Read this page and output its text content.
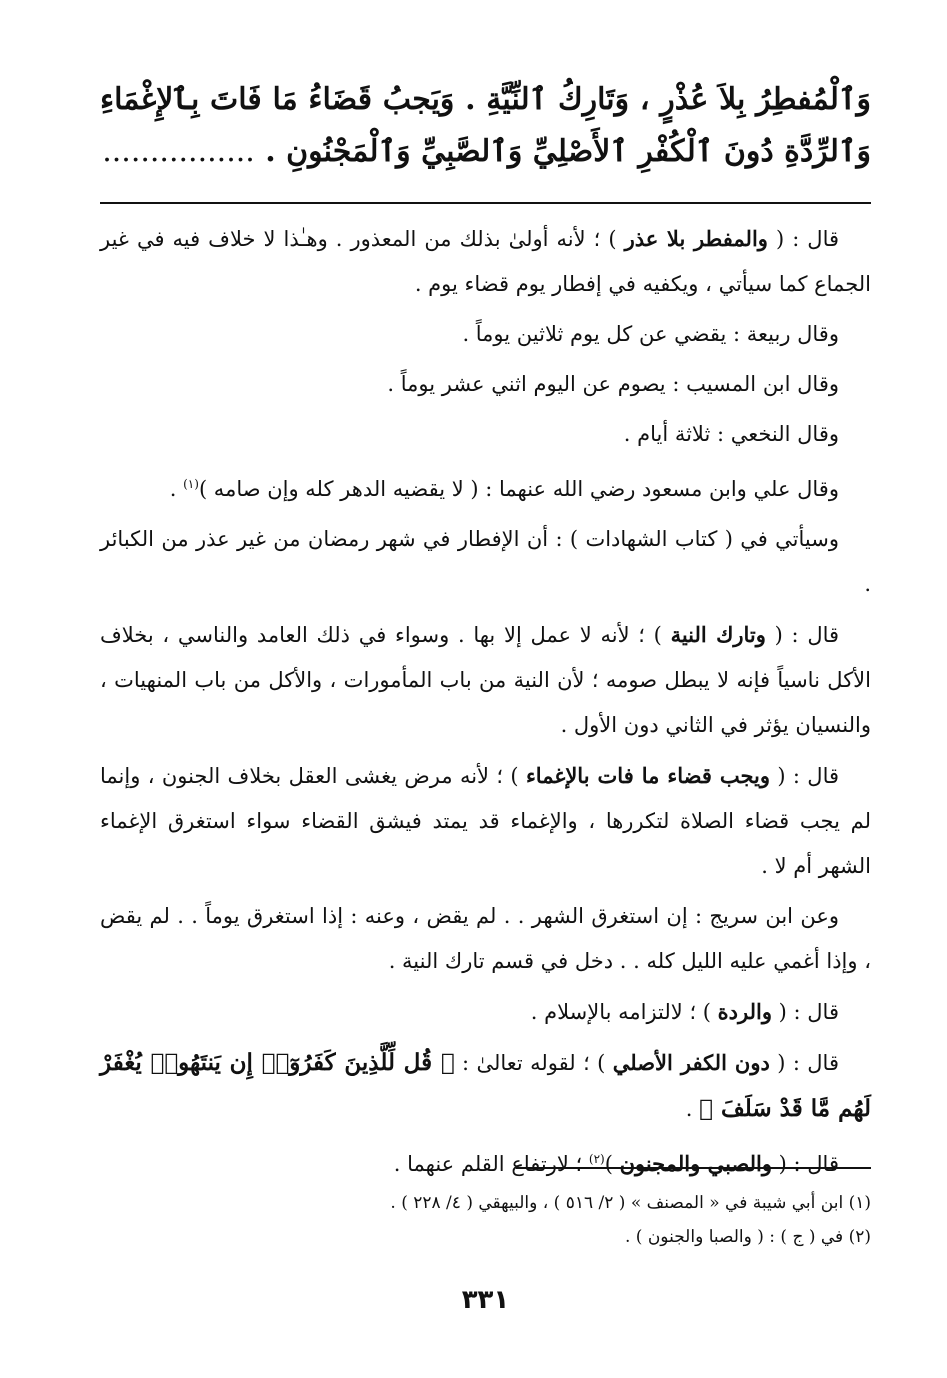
وَٱلْمُفطِرُ بِلاَ عُذْرٍ ، وَتَارِكُ ٱلنِّيَّةِ . وَيَجبُ قَضَاءُ مَا فَاتَ بِٱلإِغْمَاءِ وَٱلرِّدَّةِ دُونَ ٱلْكُفْرِ ٱلأَصْلِيِّ وَٱلصَّبِيِّ وَٱلْمَجْنُونِ . ................

قال : ( والمفطر بلا عذر ) ؛ لأنه أولىٰ بذلك من المعذور . وهـٰذا لا خلاف فيه في غير الجماع كما سيأتي ، ويكفيه في إفطار يوم قضاء يوم .

وقال ربيعة : يقضي عن كل يوم ثلاثين يوماً .

وقال ابن المسيب : يصوم عن اليوم اثني عشر يوماً .

وقال النخعي : ثلاثة أيام .

وقال علي وابن مسعود رضي الله عنهما : ( لا يقضيه الدهر كله وإن صامه )$^{(١)}$ .

وسيأتي في ( كتاب الشهادات ) : أن الإفطار في شهر رمضان من غير عذر من الكبائر .

قال : ( وتارك النية ) ؛ لأنه لا عمل إلا بها . وسواء في ذلك العامد والناسي ، بخلاف الأكل ناسياً فإنه لا يبطل صومه ؛ لأن النية من باب المأمورات ، والأكل من باب المنهيات ، والنسيان يؤثر في الثاني دون الأول .

قال : ( ويجب قضاء ما فات بالإغماء ) ؛ لأنه مرض يغشى العقل بخلاف الجنون ، وإنما لم يجب قضاء الصلاة لتكررها ، والإغماء قد يمتد فيشق القضاء سواء استغرق الإغماء الشهر أم لا .

وعن ابن سريج : إن استغرق الشهر . . لم يقض ، وعنه : إذا استغرق يوماً . . لم يقض ، وإذا أغمي عليه الليل كله . . دخل في قسم تارك النية .

قال : ( والردة ) ؛ لالتزامه بالإسلام .

قال : ( دون الكفر الأصلي ) ؛ لقوله تعالىٰ : ﴿ قُل لِّلَّذِينَ كَفَرُوٓا۟ إِن يَنتَهُوا۟ يُغْفَرْ لَهُم مَّا قَدْ سَلَفَ ﴾ .

قال : ( والصبي والمجنون )$^{(٢)}$ ؛ لارتفاع القلم عنهما .

(١) ابن أبي شيبة في « المصنف » ( ٢/ ٥١٦ ) ، والبيهقي ( ٤/ ٢٢٨ ) .
(٢) في ( ج ) : ( والصبا والجنون ) .
٣٣١
